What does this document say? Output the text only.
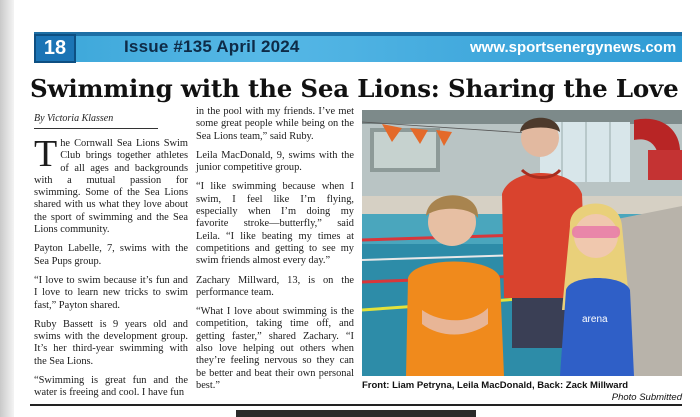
18	Issue #135 April 2024	www.sportsenergynews.com
Swimming with the Sea Lions: Sharing the Love
By Victoria Klassen

The Cornwall Sea Lions Swim Club brings together athletes of all ages and backgrounds with a mutual passion for swimming. Some of the Sea Lions shared with us what they love about the sport of swimming and the Sea Lions community.

Payton Labelle, 7, swims with the Sea Pups group.

“I love to swim because it’s fun and I love to learn new tricks to swim fast,” Payton shared.

Ruby Bassett is 9 years old and swims with the development group. It’s her third-year swimming with the Sea Lions.

“Swimming is great fun and the water is freeing and cool. I have fun

in the pool with my friends. I’ve met some great people while being on the Sea Lions team,” said Ruby.

Leila MacDonald, 9, swims with the junior competitive group.

“I like swimming because when I swim, I feel like I’m flying, especially when I’m doing my favorite stroke—butterfly,” said Leila. “I like beating my times at competitions and getting to see my swim friends almost every day.”

Zachary Millward, 13, is on the performance team.

“What I love about swimming is the competition, taking time off, and getting faster,” shared Zachary. “I also love helping out others when they’re feeling nervous so they can be better and beat their own personal best.”

arena
Front: Liam Petryna, Leila MacDonald, Back: Zack Millward
Photo Submitted
